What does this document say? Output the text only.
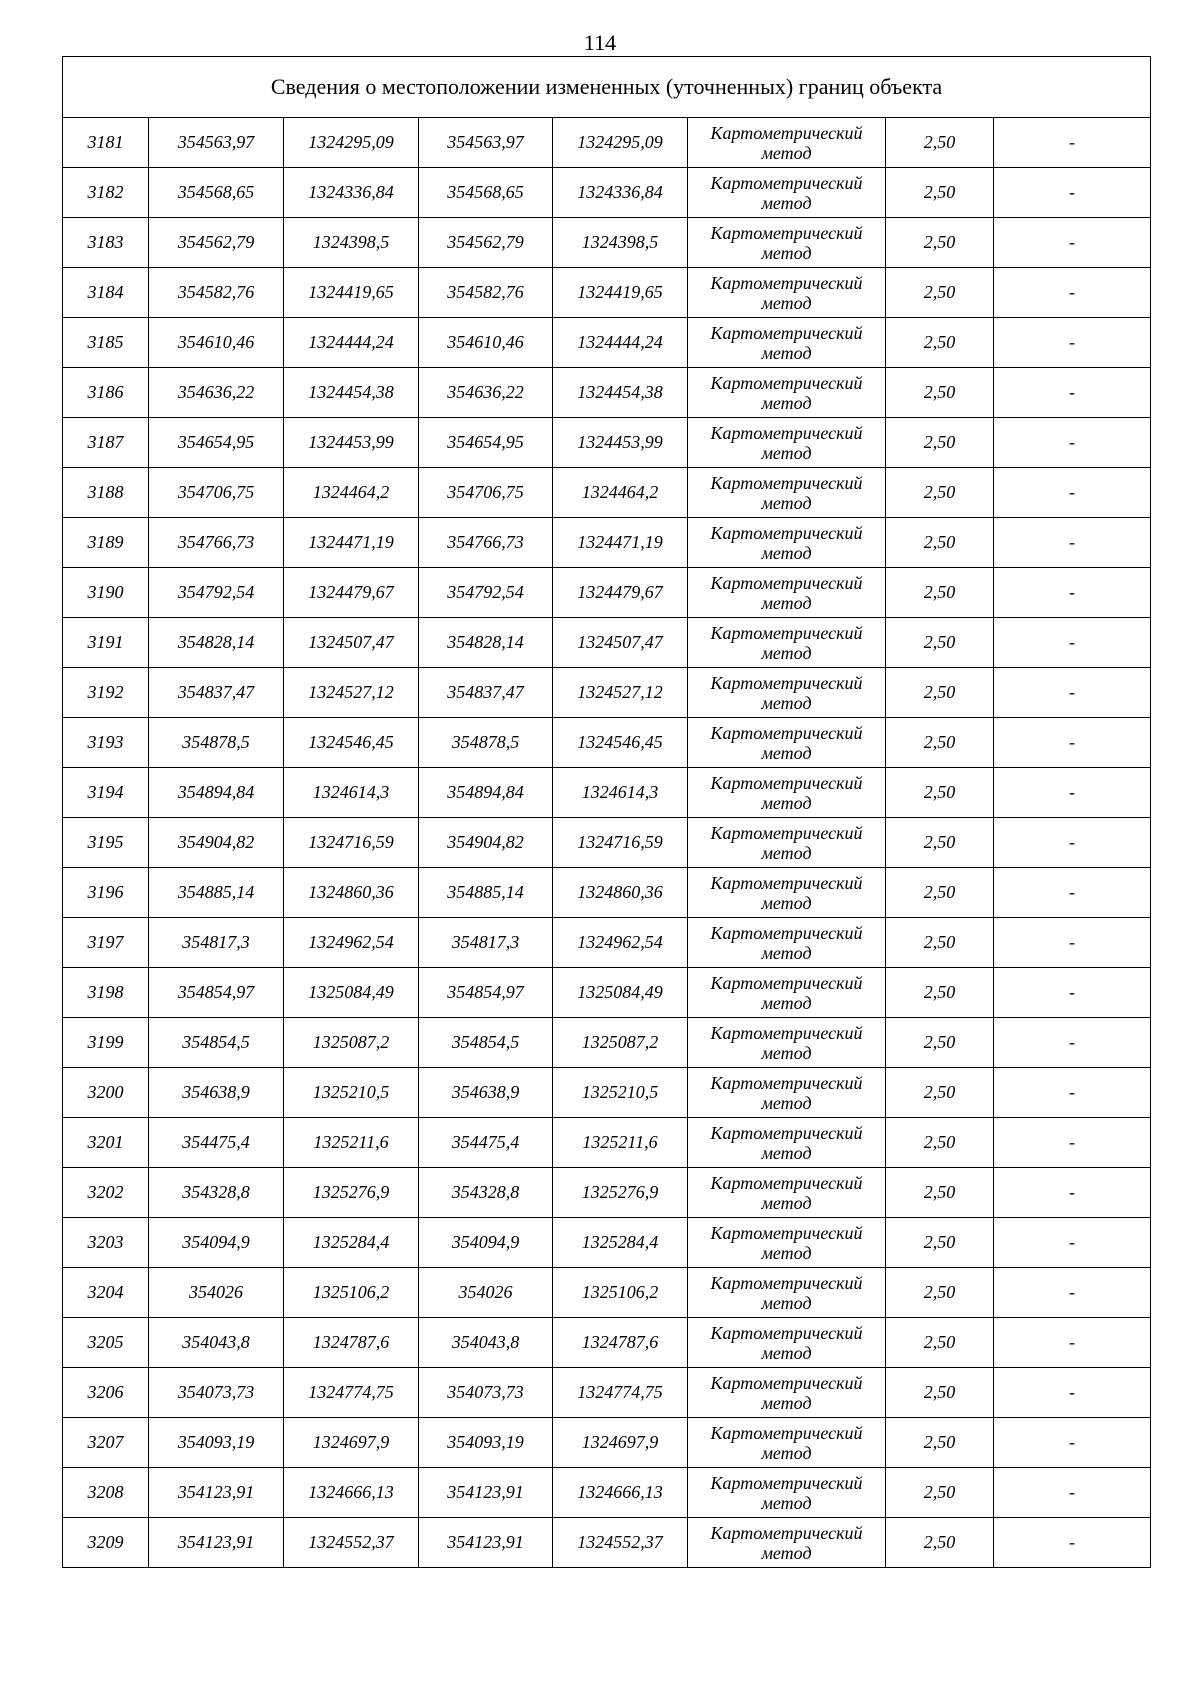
114
Сведения о местоположении измененных (уточненных) границ объекта							
3181	354563,97	1324295,09	354563,97	1324295,09	Картометрический метод	2,50	-
3182	354568,65	1324336,84	354568,65	1324336,84	Картометрический метод	2,50	-
3183	354562,79	1324398,5	354562,79	1324398,5	Картометрический метод	2,50	-
3184	354582,76	1324419,65	354582,76	1324419,65	Картометрический метод	2,50	-
3185	354610,46	1324444,24	354610,46	1324444,24	Картометрический метод	2,50	-
3186	354636,22	1324454,38	354636,22	1324454,38	Картометрический метод	2,50	-
3187	354654,95	1324453,99	354654,95	1324453,99	Картометрический метод	2,50	-
3188	354706,75	1324464,2	354706,75	1324464,2	Картометрический метод	2,50	-
3189	354766,73	1324471,19	354766,73	1324471,19	Картометрический метод	2,50	-
3190	354792,54	1324479,67	354792,54	1324479,67	Картометрический метод	2,50	-
3191	354828,14	1324507,47	354828,14	1324507,47	Картометрический метод	2,50	-
3192	354837,47	1324527,12	354837,47	1324527,12	Картометрический метод	2,50	-
3193	354878,5	1324546,45	354878,5	1324546,45	Картометрический метод	2,50	-
3194	354894,84	1324614,3	354894,84	1324614,3	Картометрический метод	2,50	-
3195	354904,82	1324716,59	354904,82	1324716,59	Картометрический метод	2,50	-
3196	354885,14	1324860,36	354885,14	1324860,36	Картометрический метод	2,50	-
3197	354817,3	1324962,54	354817,3	1324962,54	Картометрический метод	2,50	-
3198	354854,97	1325084,49	354854,97	1325084,49	Картометрический метод	2,50	-
3199	354854,5	1325087,2	354854,5	1325087,2	Картометрический метод	2,50	-
3200	354638,9	1325210,5	354638,9	1325210,5	Картометрический метод	2,50	-
3201	354475,4	1325211,6	354475,4	1325211,6	Картометрический метод	2,50	-
3202	354328,8	1325276,9	354328,8	1325276,9	Картометрический метод	2,50	-
3203	354094,9	1325284,4	354094,9	1325284,4	Картометрический метод	2,50	-
3204	354026	1325106,2	354026	1325106,2	Картометрический метод	2,50	-
3205	354043,8	1324787,6	354043,8	1324787,6	Картометрический метод	2,50	-
3206	354073,73	1324774,75	354073,73	1324774,75	Картометрический метод	2,50	-
3207	354093,19	1324697,9	354093,19	1324697,9	Картометрический метод	2,50	-
3208	354123,91	1324666,13	354123,91	1324666,13	Картометрический метод	2,50	-
3209	354123,91	1324552,37	354123,91	1324552,37	Картометрический метод	2,50	-
